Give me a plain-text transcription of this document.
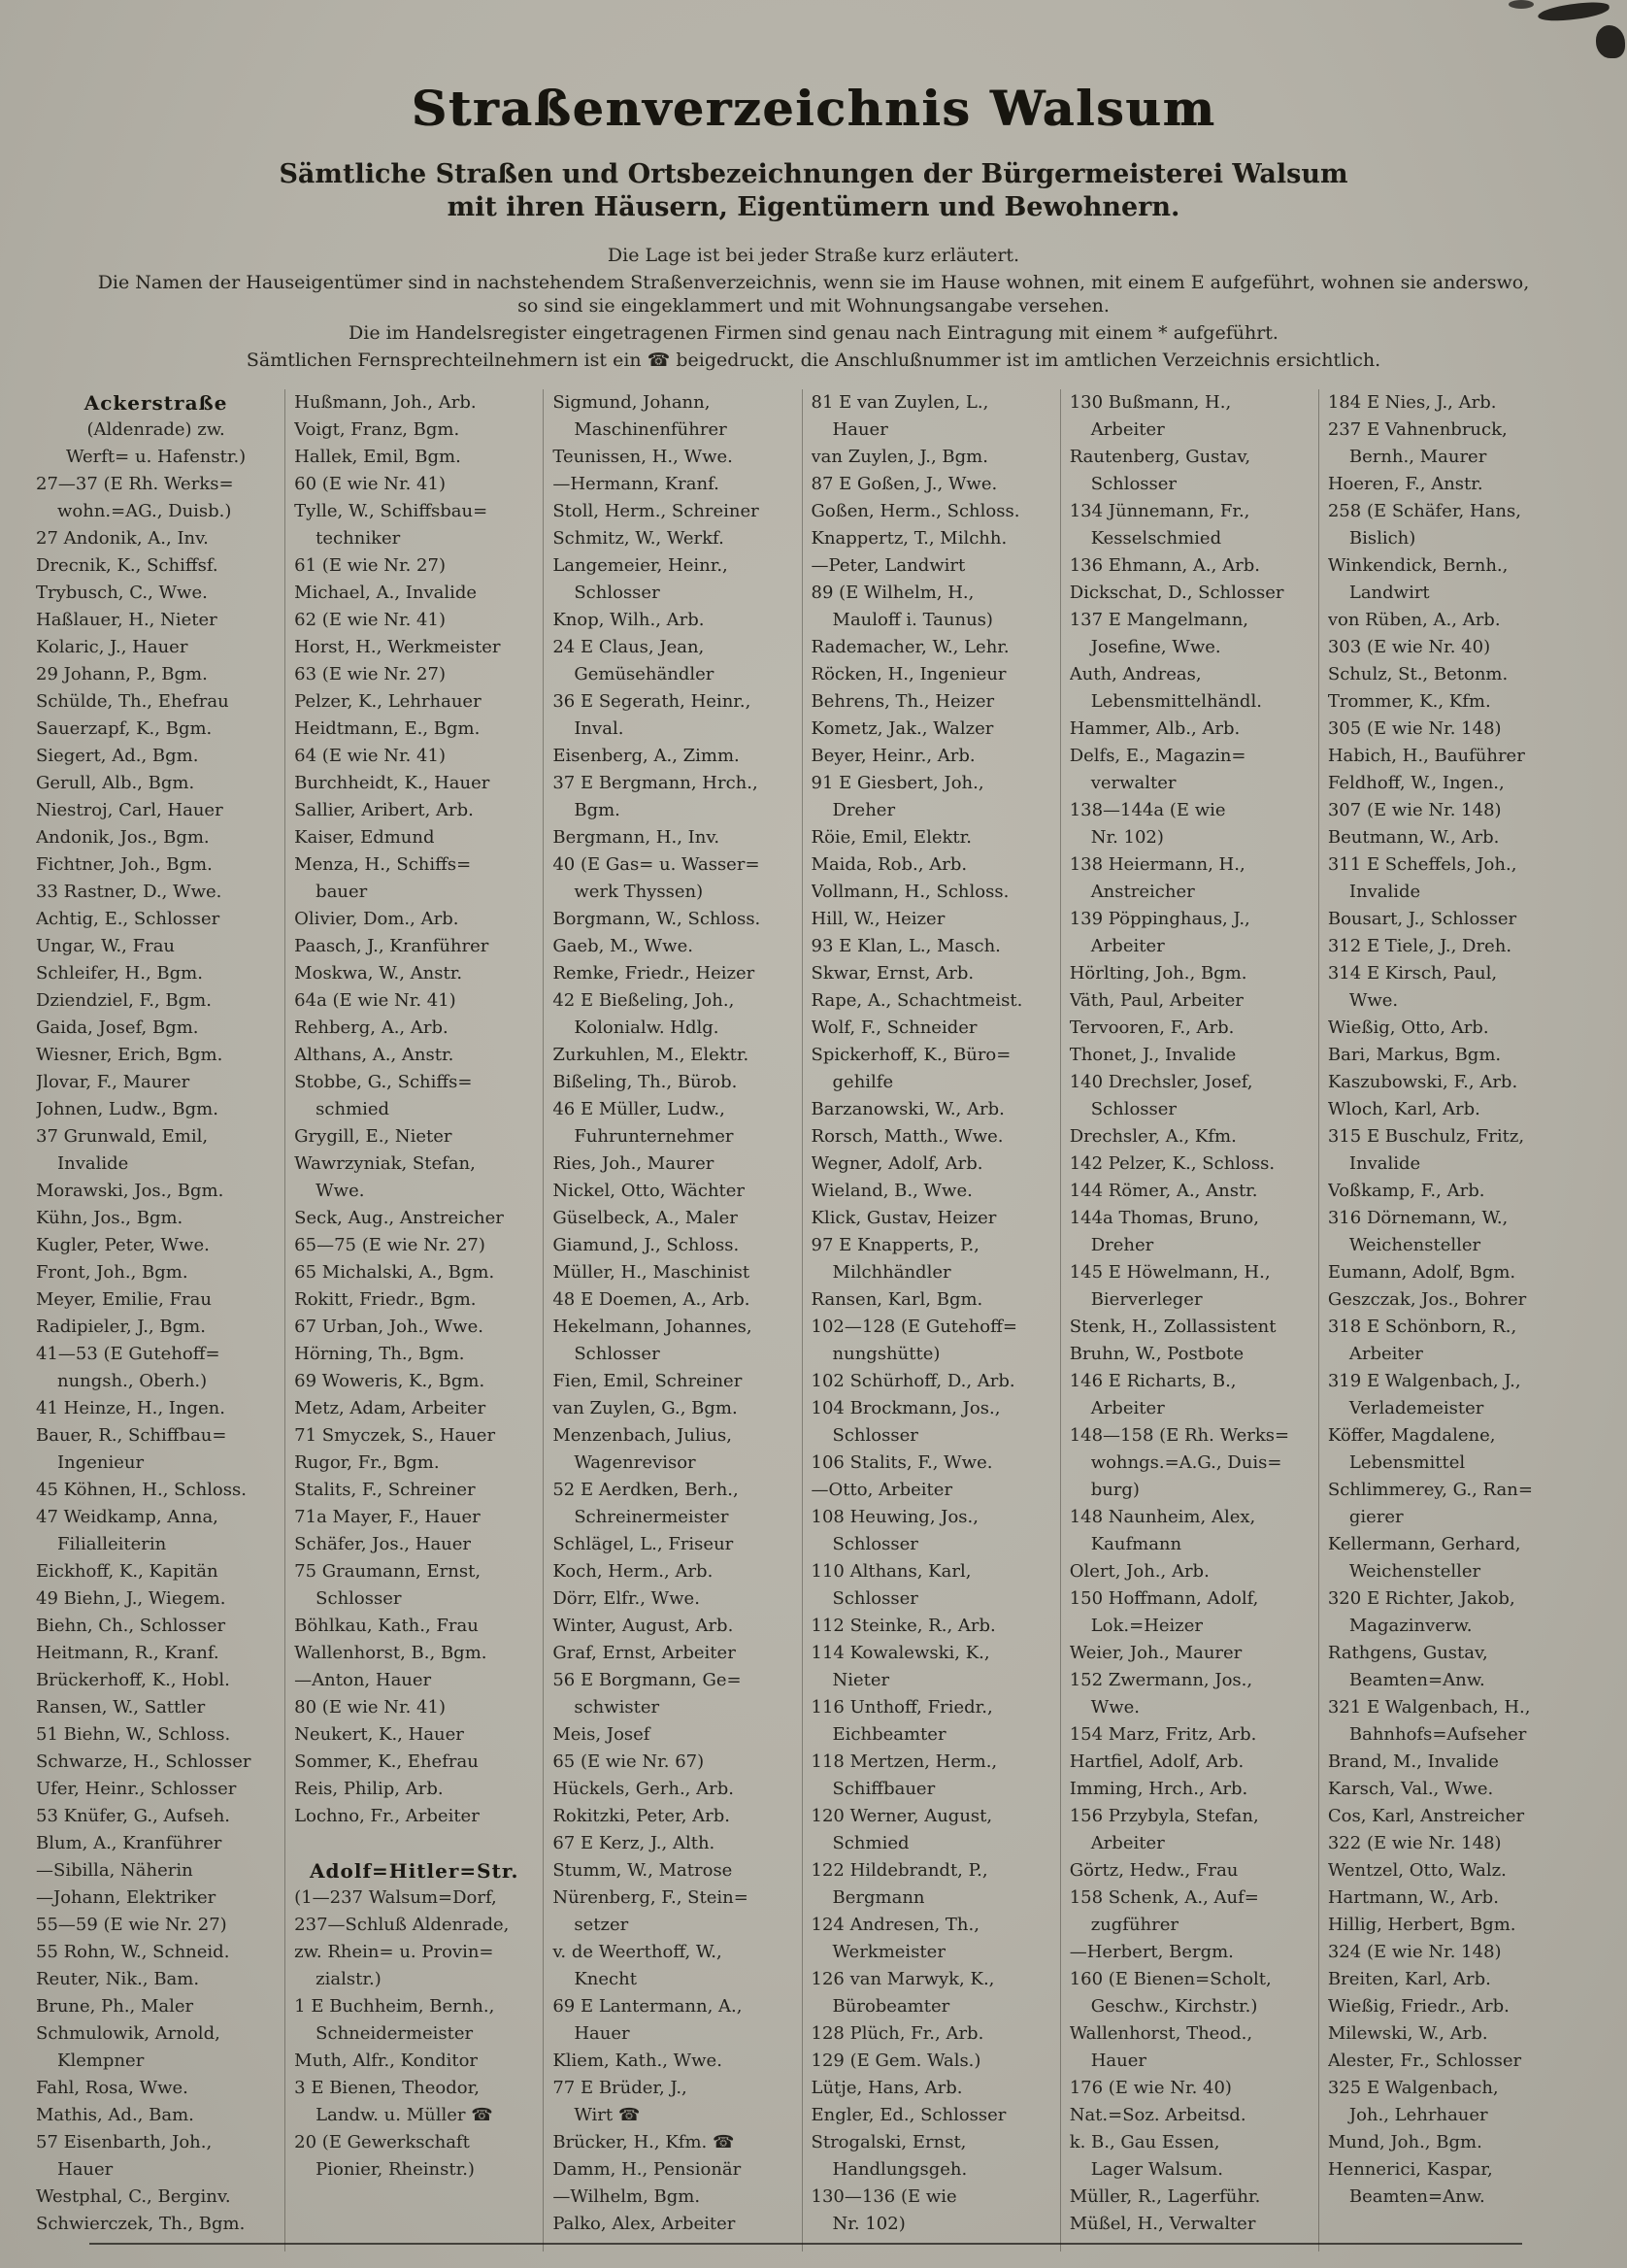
Straßenverzeichnis Walsum
Sämtliche Straßen und Ortsbezeichnungen der Bürgermeisterei Walsum
mit ihren Häusern, Eigentümern und Bewohnern.

Die Lage ist bei jeder Straße kurz erläutert.

Die Namen der Hauseigentümer sind in nachstehendem Straßenverzeichnis, wenn sie im Hause wohnen, mit einem E aufgeführt, wohnen sie anderswo, so sind sie eingeklammert und mit Wohnungsangabe versehen.

Die im Handelsregister eingetragenen Firmen sind genau nach Eintragung mit einem * aufgeführt.

Sämtlichen Fernsprechteilnehmern ist ein ☎ beigedruckt, die Anschlußnummer ist im amtlichen Verzeichnis ersichtlich.

Ackerstraße
(Aldenrade) zw.
Werft= u. Hafenstr.)
27—37 (E Rh. Werks=
wohn.=AG., Duisb.)
27 Andonik, A., Inv.
Drecnik, K., Schiffsf.
Trybusch, C., Wwe.
Haßlauer, H., Nieter
Kolaric, J., Hauer
29 Johann, P., Bgm.
Schülde, Th., Ehefrau
Sauerzapf, K., Bgm.
Siegert, Ad., Bgm.
Gerull, Alb., Bgm.
Niestroj, Carl, Hauer
Andonik, Jos., Bgm.
Fichtner, Joh., Bgm.
33 Rastner, D., Wwe.
Achtig, E., Schlosser
Ungar, W., Frau
Schleifer, H., Bgm.
Dziendziel, F., Bgm.
Gaida, Josef, Bgm.
Wiesner, Erich, Bgm.
Jlovar, F., Maurer
Johnen, Ludw., Bgm.
37 Grunwald, Emil,
Invalide
Morawski, Jos., Bgm.
Kühn, Jos., Bgm.
Kugler, Peter, Wwe.
Front, Joh., Bgm.
Meyer, Emilie, Frau
Radipieler, J., Bgm.
41—53 (E Gutehoff=
nungsh., Oberh.)
41 Heinze, H., Ingen.
Bauer, R., Schiffbau=
Ingenieur
45 Köhnen, H., Schloss.
47 Weidkamp, Anna,
Filialleiterin
Eickhoff, K., Kapitän
49 Biehn, J., Wiegem.
Biehn, Ch., Schlosser
Heitmann, R., Kranf.
Brückerhoff, K., Hobl.
Ransen, W., Sattler
51 Biehn, W., Schloss.
Schwarze, H., Schlosser
Ufer, Heinr., Schlosser
53 Knüfer, G., Aufseh.
Blum, A., Kranführer
—Sibilla, Näherin
—Johann, Elektriker
55—59 (E wie Nr. 27)
55 Rohn, W., Schneid.
Reuter, Nik., Bam.
Brune, Ph., Maler
Schmulowik, Arnold,
Klempner
Fahl, Rosa, Wwe.
Mathis, Ad., Bam.
57 Eisenbarth, Joh.,
Hauer
Westphal, C., Berginv.
Schwierczek, Th., Bgm.
Hußmann, Joh., Arb.
Voigt, Franz, Bgm.
Hallek, Emil, Bgm.
60 (E wie Nr. 41)
Tylle, W., Schiffsbau=
techniker
61 (E wie Nr. 27)
Michael, A., Invalide
62 (E wie Nr. 41)
Horst, H., Werkmeister
63 (E wie Nr. 27)
Pelzer, K., Lehrhauer
Heidtmann, E., Bgm.
64 (E wie Nr. 41)
Burchheidt, K., Hauer
Sallier, Aribert, Arb.
Kaiser, Edmund
Menza, H., Schiffs=
bauer
Olivier, Dom., Arb.
Paasch, J., Kranführer
Moskwa, W., Anstr.
64a (E wie Nr. 41)
Rehberg, A., Arb.
Althans, A., Anstr.
Stobbe, G., Schiffs=
schmied
Grygill, E., Nieter
Wawrzyniak, Stefan,
Wwe.
Seck, Aug., Anstreicher
65—75 (E wie Nr. 27)
65 Michalski, A., Bgm.
Rokitt, Friedr., Bgm.
67 Urban, Joh., Wwe.
Hörning, Th., Bgm.
69 Woweris, K., Bgm.
Metz, Adam, Arbeiter
71 Smyczek, S., Hauer
Rugor, Fr., Bgm.
Stalits, F., Schreiner
71a Mayer, F., Hauer
Schäfer, Jos., Hauer
75 Graumann, Ernst,
Schlosser
Böhlkau, Kath., Frau
Wallenhorst, B., Bgm.
—Anton, Hauer
80 (E wie Nr. 41)
Neukert, K., Hauer
Sommer, K., Ehefrau
Reis, Philip, Arb.
Lochno, Fr., Arbeiter
Adolf=Hitler=Str.
(1—237 Walsum=Dorf,
237—Schluß Aldenrade,
zw. Rhein= u. Provin=
zialstr.)
1 E Buchheim, Bernh.,
Schneidermeister
Muth, Alfr., Konditor
3 E Bienen, Theodor,
Landw. u. Müller ☎
20 (E Gewerkschaft
Pionier, Rheinstr.)
Sigmund, Johann,
Maschinenführer
Teunissen, H., Wwe.
—Hermann, Kranf.
Stoll, Herm., Schreiner
Schmitz, W., Werkf.
Langemeier, Heinr.,
Schlosser
Knop, Wilh., Arb.
24 E Claus, Jean,
Gemüsehändler
36 E Segerath, Heinr.,
Inval.
Eisenberg, A., Zimm.
37 E Bergmann, Hrch.,
Bgm.
Bergmann, H., Inv.
40 (E Gas= u. Wasser=
werk Thyssen)
Borgmann, W., Schloss.
Gaeb, M., Wwe.
Remke, Friedr., Heizer
42 E Bießeling, Joh.,
Kolonialw. Hdlg.
Zurkuhlen, M., Elektr.
Bißeling, Th., Bürob.
46 E Müller, Ludw.,
Fuhrunternehmer
Ries, Joh., Maurer
Nickel, Otto, Wächter
Güselbeck, A., Maler
Giamund, J., Schloss.
Müller, H., Maschinist
48 E Doemen, A., Arb.
Hekelmann, Johannes,
Schlosser
Fien, Emil, Schreiner
van Zuylen, G., Bgm.
Menzenbach, Julius,
Wagenrevisor
52 E Aerdken, Berh.,
Schreinermeister
Schlägel, L., Friseur
Koch, Herm., Arb.
Dörr, Elfr., Wwe.
Winter, August, Arb.
Graf, Ernst, Arbeiter
56 E Borgmann, Ge=
schwister
Meis, Josef
65 (E wie Nr. 67)
Hückels, Gerh., Arb.
Rokitzki, Peter, Arb.
67 E Kerz, J., Alth.
Stumm, W., Matrose
Nürenberg, F., Stein=
setzer
v. de Weerthoff, W.,
Knecht
69 E Lantermann, A.,
Hauer
Kliem, Kath., Wwe.
77 E Brüder, J.,
Wirt ☎
Brücker, H., Kfm. ☎
Damm, H., Pensionär
—Wilhelm, Bgm.
Palko, Alex, Arbeiter
81 E van Zuylen, L.,
Hauer
van Zuylen, J., Bgm.
87 E Goßen, J., Wwe.
Goßen, Herm., Schloss.
Knappertz, T., Milchh.
—Peter, Landwirt
89 (E Wilhelm, H.,
Mauloff i. Taunus)
Rademacher, W., Lehr.
Röcken, H., Ingenieur
Behrens, Th., Heizer
Kometz, Jak., Walzer
Beyer, Heinr., Arb.
91 E Giesbert, Joh.,
Dreher
Röie, Emil, Elektr.
Maida, Rob., Arb.
Vollmann, H., Schloss.
Hill, W., Heizer
93 E Klan, L., Masch.
Skwar, Ernst, Arb.
Rape, A., Schachtmeist.
Wolf, F., Schneider
Spickerhoff, K., Büro=
gehilfe
Barzanowski, W., Arb.
Rorsch, Matth., Wwe.
Wegner, Adolf, Arb.
Wieland, B., Wwe.
Klick, Gustav, Heizer
97 E Knapperts, P.,
Milchhändler
Ransen, Karl, Bgm.
102—128 (E Gutehoff=
nungshütte)
102 Schürhoff, D., Arb.
104 Brockmann, Jos.,
Schlosser
106 Stalits, F., Wwe.
—Otto, Arbeiter
108 Heuwing, Jos.,
Schlosser
110 Althans, Karl,
Schlosser
112 Steinke, R., Arb.
114 Kowalewski, K.,
Nieter
116 Unthoff, Friedr.,
Eichbeamter
118 Mertzen, Herm.,
Schiffbauer
120 Werner, August,
Schmied
122 Hildebrandt, P.,
Bergmann
124 Andresen, Th.,
Werkmeister
126 van Marwyk, K.,
Bürobeamter
128 Plüch, Fr., Arb.
129 (E Gem. Wals.)
Lütje, Hans, Arb.
Engler, Ed., Schlosser
Strogalski, Ernst,
Handlungsgeh.
130—136 (E wie
Nr. 102)
130 Bußmann, H.,
Arbeiter
Rautenberg, Gustav,
Schlosser
134 Jünnemann, Fr.,
Kesselschmied
136 Ehmann, A., Arb.
Dickschat, D., Schlosser
137 E Mangelmann,
Josefine, Wwe.
Auth, Andreas,
Lebensmittelhändl.
Hammer, Alb., Arb.
Delfs, E., Magazin=
verwalter
138—144a (E wie
Nr. 102)
138 Heiermann, H.,
Anstreicher
139 Pöppinghaus, J.,
Arbeiter
Hörlting, Joh., Bgm.
Väth, Paul, Arbeiter
Tervooren, F., Arb.
Thonet, J., Invalide
140 Drechsler, Josef,
Schlosser
Drechsler, A., Kfm.
142 Pelzer, K., Schloss.
144 Römer, A., Anstr.
144a Thomas, Bruno,
Dreher
145 E Höwelmann, H.,
Bierverleger
Stenk, H., Zollassistent
Bruhn, W., Postbote
146 E Richarts, B.,
Arbeiter
148—158 (E Rh. Werks=
wohngs.=A.G., Duis=
burg)
148 Naunheim, Alex,
Kaufmann
Olert, Joh., Arb.
150 Hoffmann, Adolf,
Lok.=Heizer
Weier, Joh., Maurer
152 Zwermann, Jos.,
Wwe.
154 Marz, Fritz, Arb.
Hartfiel, Adolf, Arb.
Imming, Hrch., Arb.
156 Przybyla, Stefan,
Arbeiter
Görtz, Hedw., Frau
158 Schenk, A., Auf=
zugführer
—Herbert, Bergm.
160 (E Bienen=Scholt,
Geschw., Kirchstr.)
Wallenhorst, Theod.,
Hauer
176 (E wie Nr. 40)
Nat.=Soz. Arbeitsd.
k. B., Gau Essen,
Lager Walsum.
Müller, R., Lagerführ.
Müßel, H., Verwalter
184 E Nies, J., Arb.
237 E Vahnenbruck,
Bernh., Maurer
Hoeren, F., Anstr.
258 (E Schäfer, Hans,
Bislich)
Winkendick, Bernh.,
Landwirt
von Rüben, A., Arb.
303 (E wie Nr. 40)
Schulz, St., Betonm.
Trommer, K., Kfm.
305 (E wie Nr. 148)
Habich, H., Bauführer
Feldhoff, W., Ingen.,
307 (E wie Nr. 148)
Beutmann, W., Arb.
311 E Scheffels, Joh.,
Invalide
Bousart, J., Schlosser
312 E Tiele, J., Dreh.
314 E Kirsch, Paul,
Wwe.
Wießig, Otto, Arb.
Bari, Markus, Bgm.
Kaszubowski, F., Arb.
Wloch, Karl, Arb.
315 E Buschulz, Fritz,
Invalide
Voßkamp, F., Arb.
316 Dörnemann, W.,
Weichensteller
Eumann, Adolf, Bgm.
Geszczak, Jos., Bohrer
318 E Schönborn, R.,
Arbeiter
319 E Walgenbach, J.,
Verlademeister
Köffer, Magdalene,
Lebensmittel
Schlimmerey, G., Ran=
gierer
Kellermann, Gerhard,
Weichensteller
320 E Richter, Jakob,
Magazinverw.
Rathgens, Gustav,
Beamten=Anw.
321 E Walgenbach, H.,
Bahnhofs=Aufseher
Brand, M., Invalide
Karsch, Val., Wwe.
Cos, Karl, Anstreicher
322 (E wie Nr. 148)
Wentzel, Otto, Walz.
Hartmann, W., Arb.
Hillig, Herbert, Bgm.
324 (E wie Nr. 148)
Breiten, Karl, Arb.
Wießig, Friedr., Arb.
Milewski, W., Arb.
Alester, Fr., Schlosser
325 E Walgenbach,
Joh., Lehrhauer
Mund, Joh., Bgm.
Hennerici, Kaspar,
Beamten=Anw.
